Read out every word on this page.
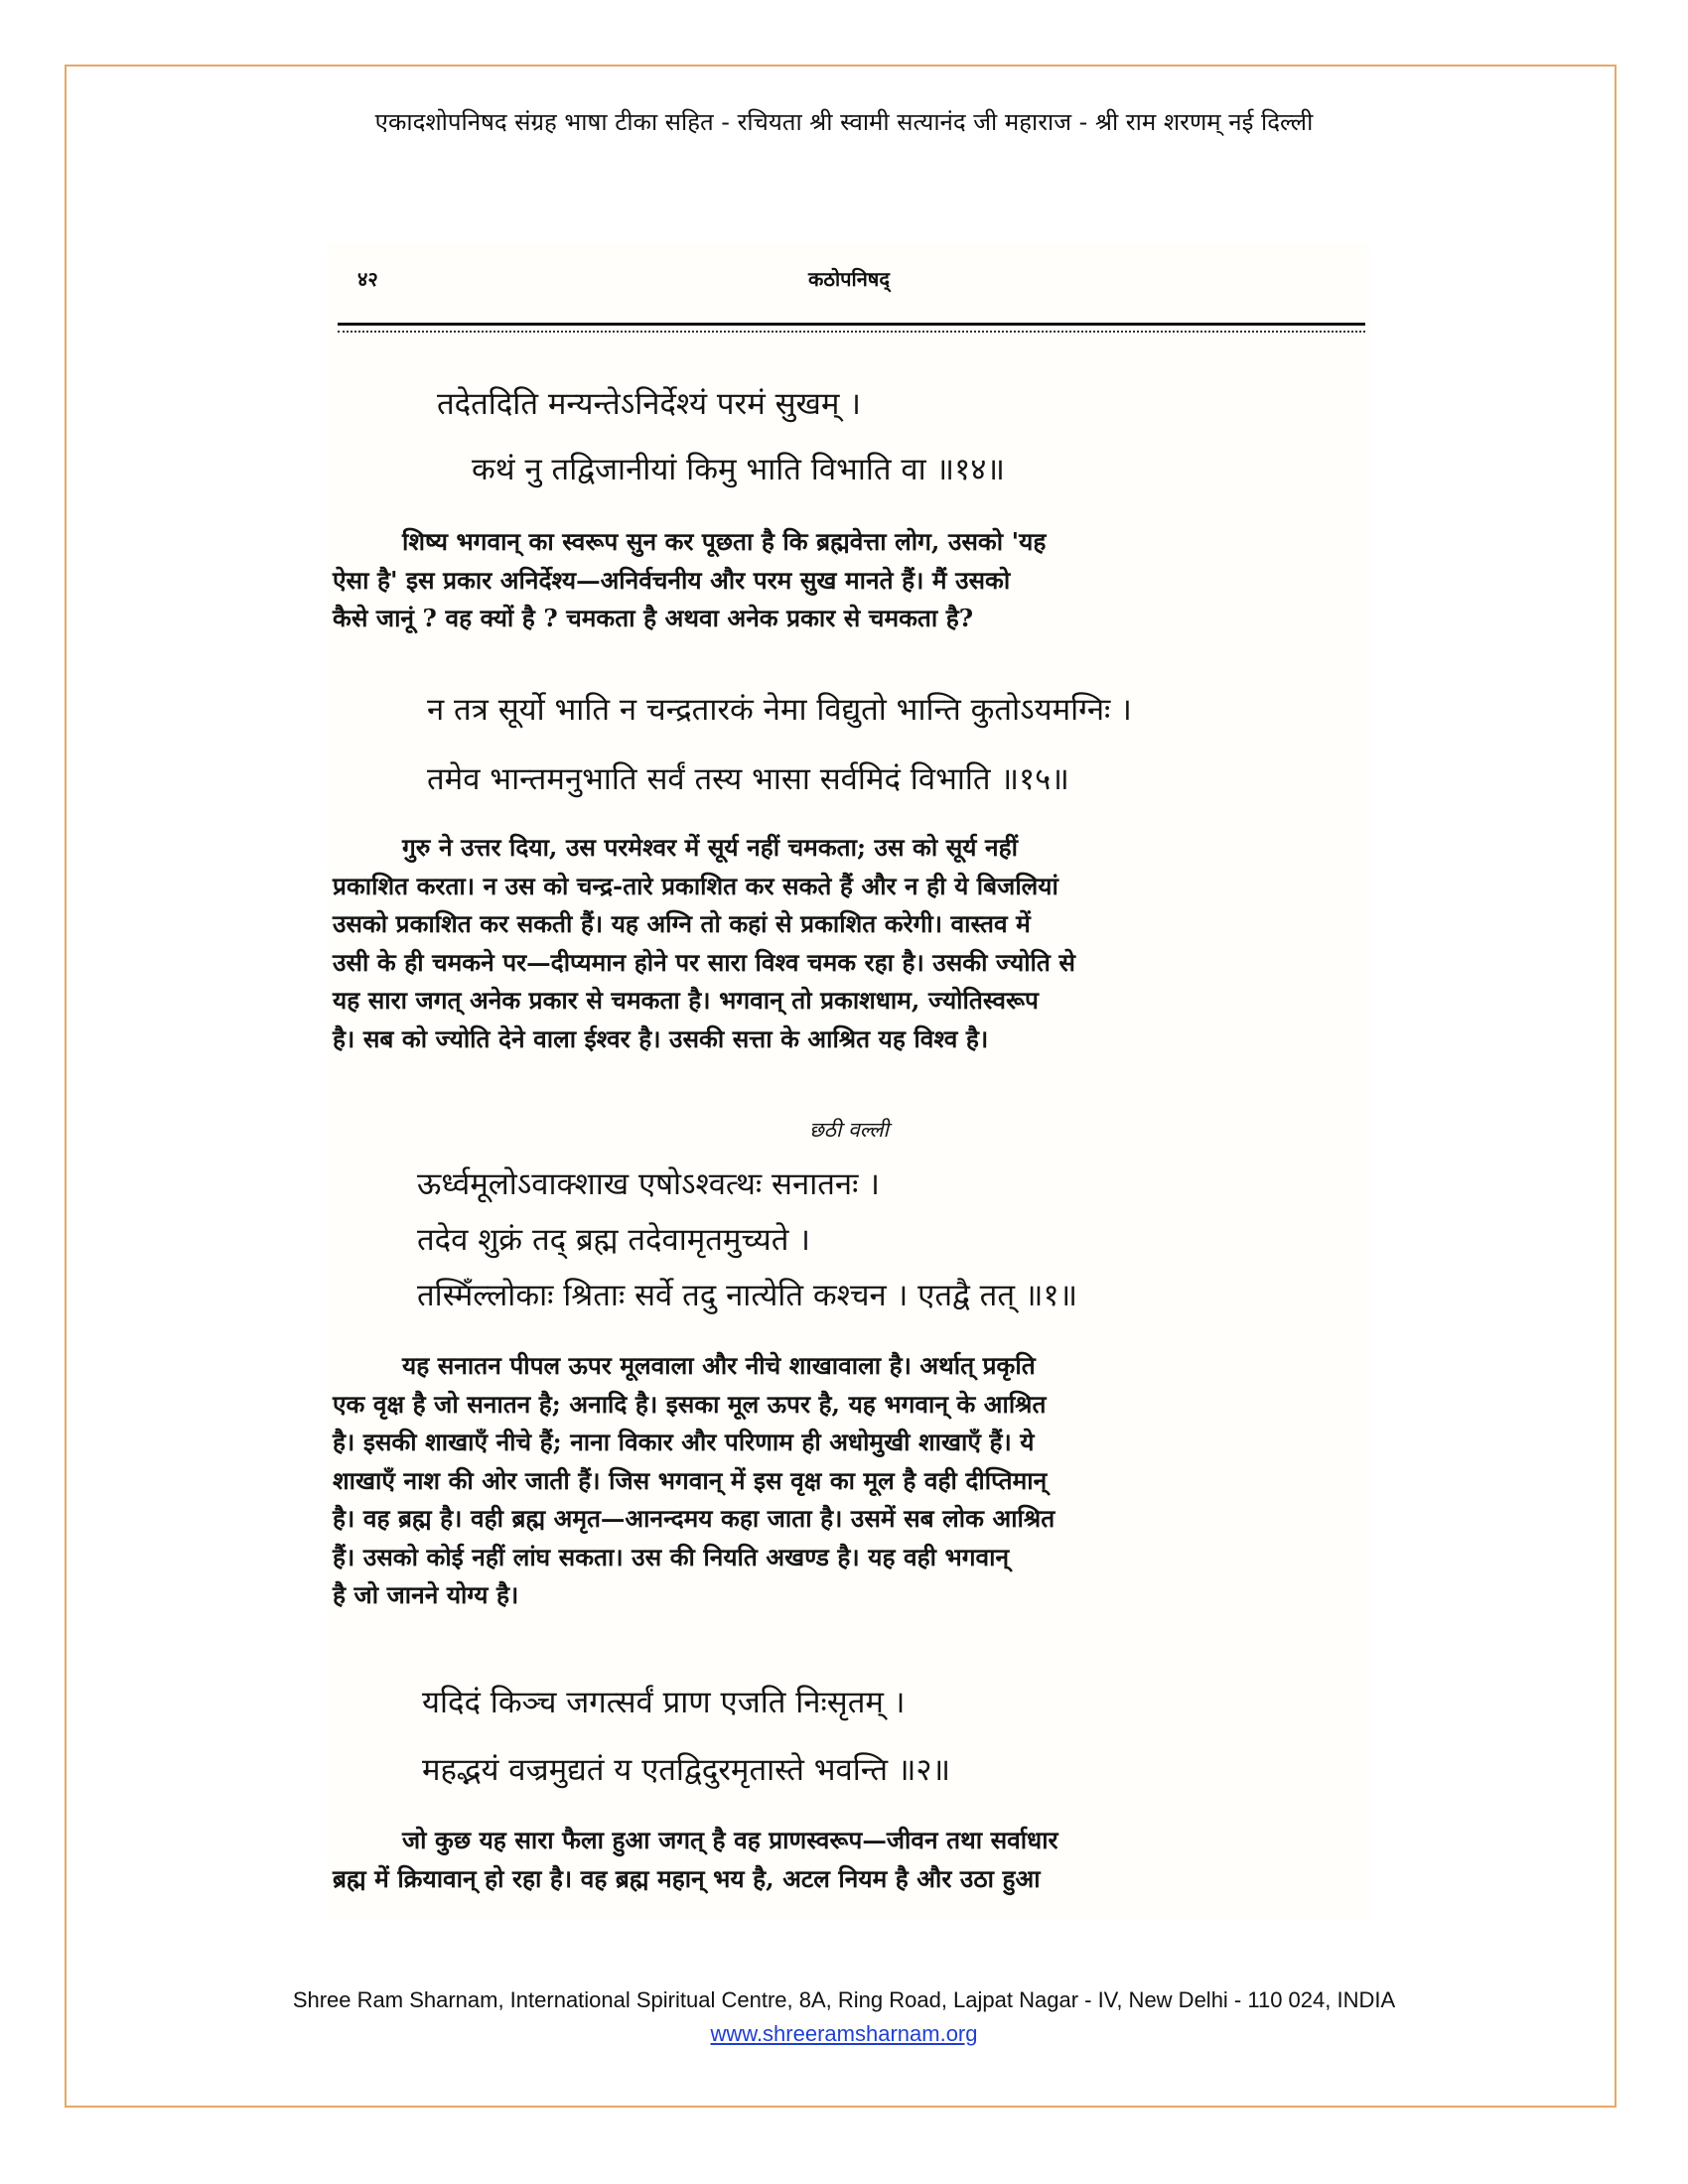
एकादशोपनिषद संग्रह भाषा टीका सहित - रचियता श्री स्वामी सत्यानंद जी महाराज - श्री राम शरणम् नई दिल्ली
४२	कठोपनिषद्
तदेतदिति मन्यन्तेऽनिर्देश्यं परमं सुखम् ।
कथं नु तद्विजानीयां किमु भाति विभाति वा ॥१४॥
शिष्य भगवान् का स्वरूप सुन कर पूछता है कि ब्रह्मवेत्ता लोग, उसको 'यह
ऐसा है' इस प्रकार अनिर्देश्य—अनिर्वचनीय और परम सुख मानते हैं। मैं उसको
कैसे जानूं ? वह क्यों है ? चमकता है अथवा अनेक प्रकार से चमकता है?
न तत्र सूर्यो भाति न चन्द्रतारकं नेमा विद्युतो भान्ति कुतोऽयमग्निः ।
तमेव भान्तमनुभाति सर्वं तस्य भासा सर्वमिदं विभाति ॥१५॥
गुरु ने उत्तर दिया, उस परमेश्वर में सूर्य नहीं चमकता; उस को सूर्य नहीं
प्रकाशित करता। न उस को चन्द्र-तारे प्रकाशित कर सकते हैं और न ही ये बिजलियां
उसको प्रकाशित कर सकती हैं। यह अग्नि तो कहां से प्रकाशित करेगी। वास्तव में
उसी के ही चमकने पर—दीप्यमान होने पर सारा विश्व चमक रहा है। उसकी ज्योति से
यह सारा जगत् अनेक प्रकार से चमकता है। भगवान् तो प्रकाशधाम, ज्योतिस्वरूप
है। सब को ज्योति देने वाला ईश्वर है। उसकी सत्ता के आश्रित यह विश्व है।
छठी वल्ली
ऊर्ध्वमूलोऽवाक्शाख एषोऽश्वत्थः सनातनः ।
तदेव शुक्रं तद् ब्रह्म तदेवामृतमुच्यते ।
तस्मिँल्लोकाः श्रिताः सर्वे तदु नात्येति कश्चन । एतद्वै तत् ॥१॥
यह सनातन पीपल ऊपर मूलवाला और नीचे शाखावाला है। अर्थात् प्रकृति
एक वृक्ष है जो सनातन है; अनादि है। इसका मूल ऊपर है, यह भगवान् के आश्रित
है। इसकी शाखाएँ नीचे हैं; नाना विकार और परिणाम ही अधोमुखी शाखाएँ हैं। ये
शाखाएँ नाश की ओर जाती हैं। जिस भगवान् में इस वृक्ष का मूल है वही दीप्तिमान्
है। वह ब्रह्म है। वही ब्रह्म अमृत—आनन्दमय कहा जाता है। उसमें सब लोक आश्रित
हैं। उसको कोई नहीं लांघ सकता। उस की नियति अखण्ड है। यह वही भगवान्
है जो जानने योग्य है।
यदिदं किञ्च जगत्सर्वं प्राण एजति निःसृतम् ।
महद्भयं वज्रमुद्यतं य एतद्विदुरमृतास्ते भवन्ति ॥२॥
जो कुछ यह सारा फैला हुआ जगत् है वह प्राणस्वरूप—जीवन तथा सर्वाधार
ब्रह्म में क्रियावान् हो रहा है। वह ब्रह्म महान् भय है, अटल नियम है और उठा हुआ
Shree Ram Sharnam, International Spiritual Centre, 8A, Ring Road, Lajpat Nagar - IV, New Delhi - 110 024, INDIA
www.shreeramsharnam.org
